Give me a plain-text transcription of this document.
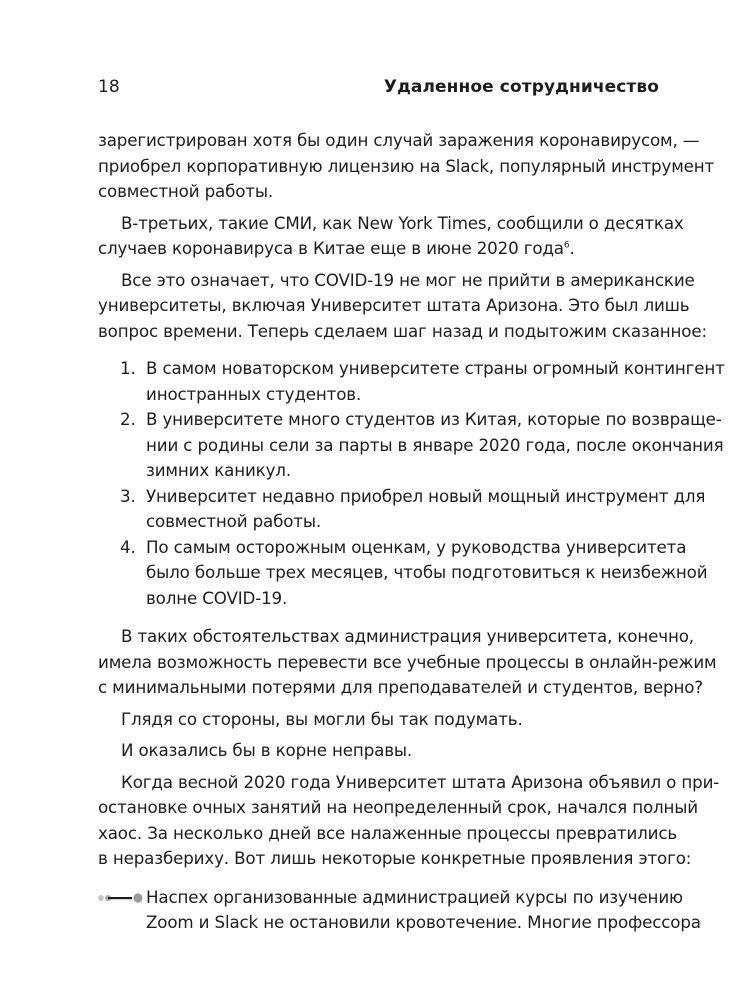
18	Удаленное сотрудничество
зарегистрирован хотя бы один случай заражения коронавирусом, —
приобрел корпоративную лицензию на Slack, популярный инструмент
совместной работы.
В-третьих, такие СМИ, как New York Times, сообщили о десятках
случаев коронавируса в Китае еще в июне 2020 года$^6$.
Все это означает, что COVID-19 не мог не прийти в американские
университеты, включая Университет штата Аризона. Это был лишь
вопрос времени. Теперь сделаем шаг назад и подытожим сказанное:
1. В самом новаторском университете страны огромный контингент
иностранных студентов.
2. В университете много студентов из Китая, которые по возвраще-
нии с родины сели за парты в январе 2020 года, после окончания
зимних каникул.
3. Университет недавно приобрел новый мощный инструмент для
совместной работы.
4. По самым осторожным оценкам, у руководства университета
было больше трех месяцев, чтобы подготовиться к неизбежной
волне COVID-19.
В таких обстоятельствах администрация университета, конечно,
имела возможность перевести все учебные процессы в онлайн-режим
с минимальными потерями для преподавателей и студентов, верно?
Глядя со стороны, вы могли бы так подумать.
И оказались бы в корне неправы.
Когда весной 2020 года Университет штата Аризона объявил о при-
остановке очных занятий на неопределенный срок, начался полный
хаос. За несколько дней все налаженные процессы превратились
в неразбериху. Вот лишь некоторые конкретные проявления этого:
Наспех организованные администрацией курсы по изучению
Zoom и Slack не остановили кровотечение. Многие профессора
